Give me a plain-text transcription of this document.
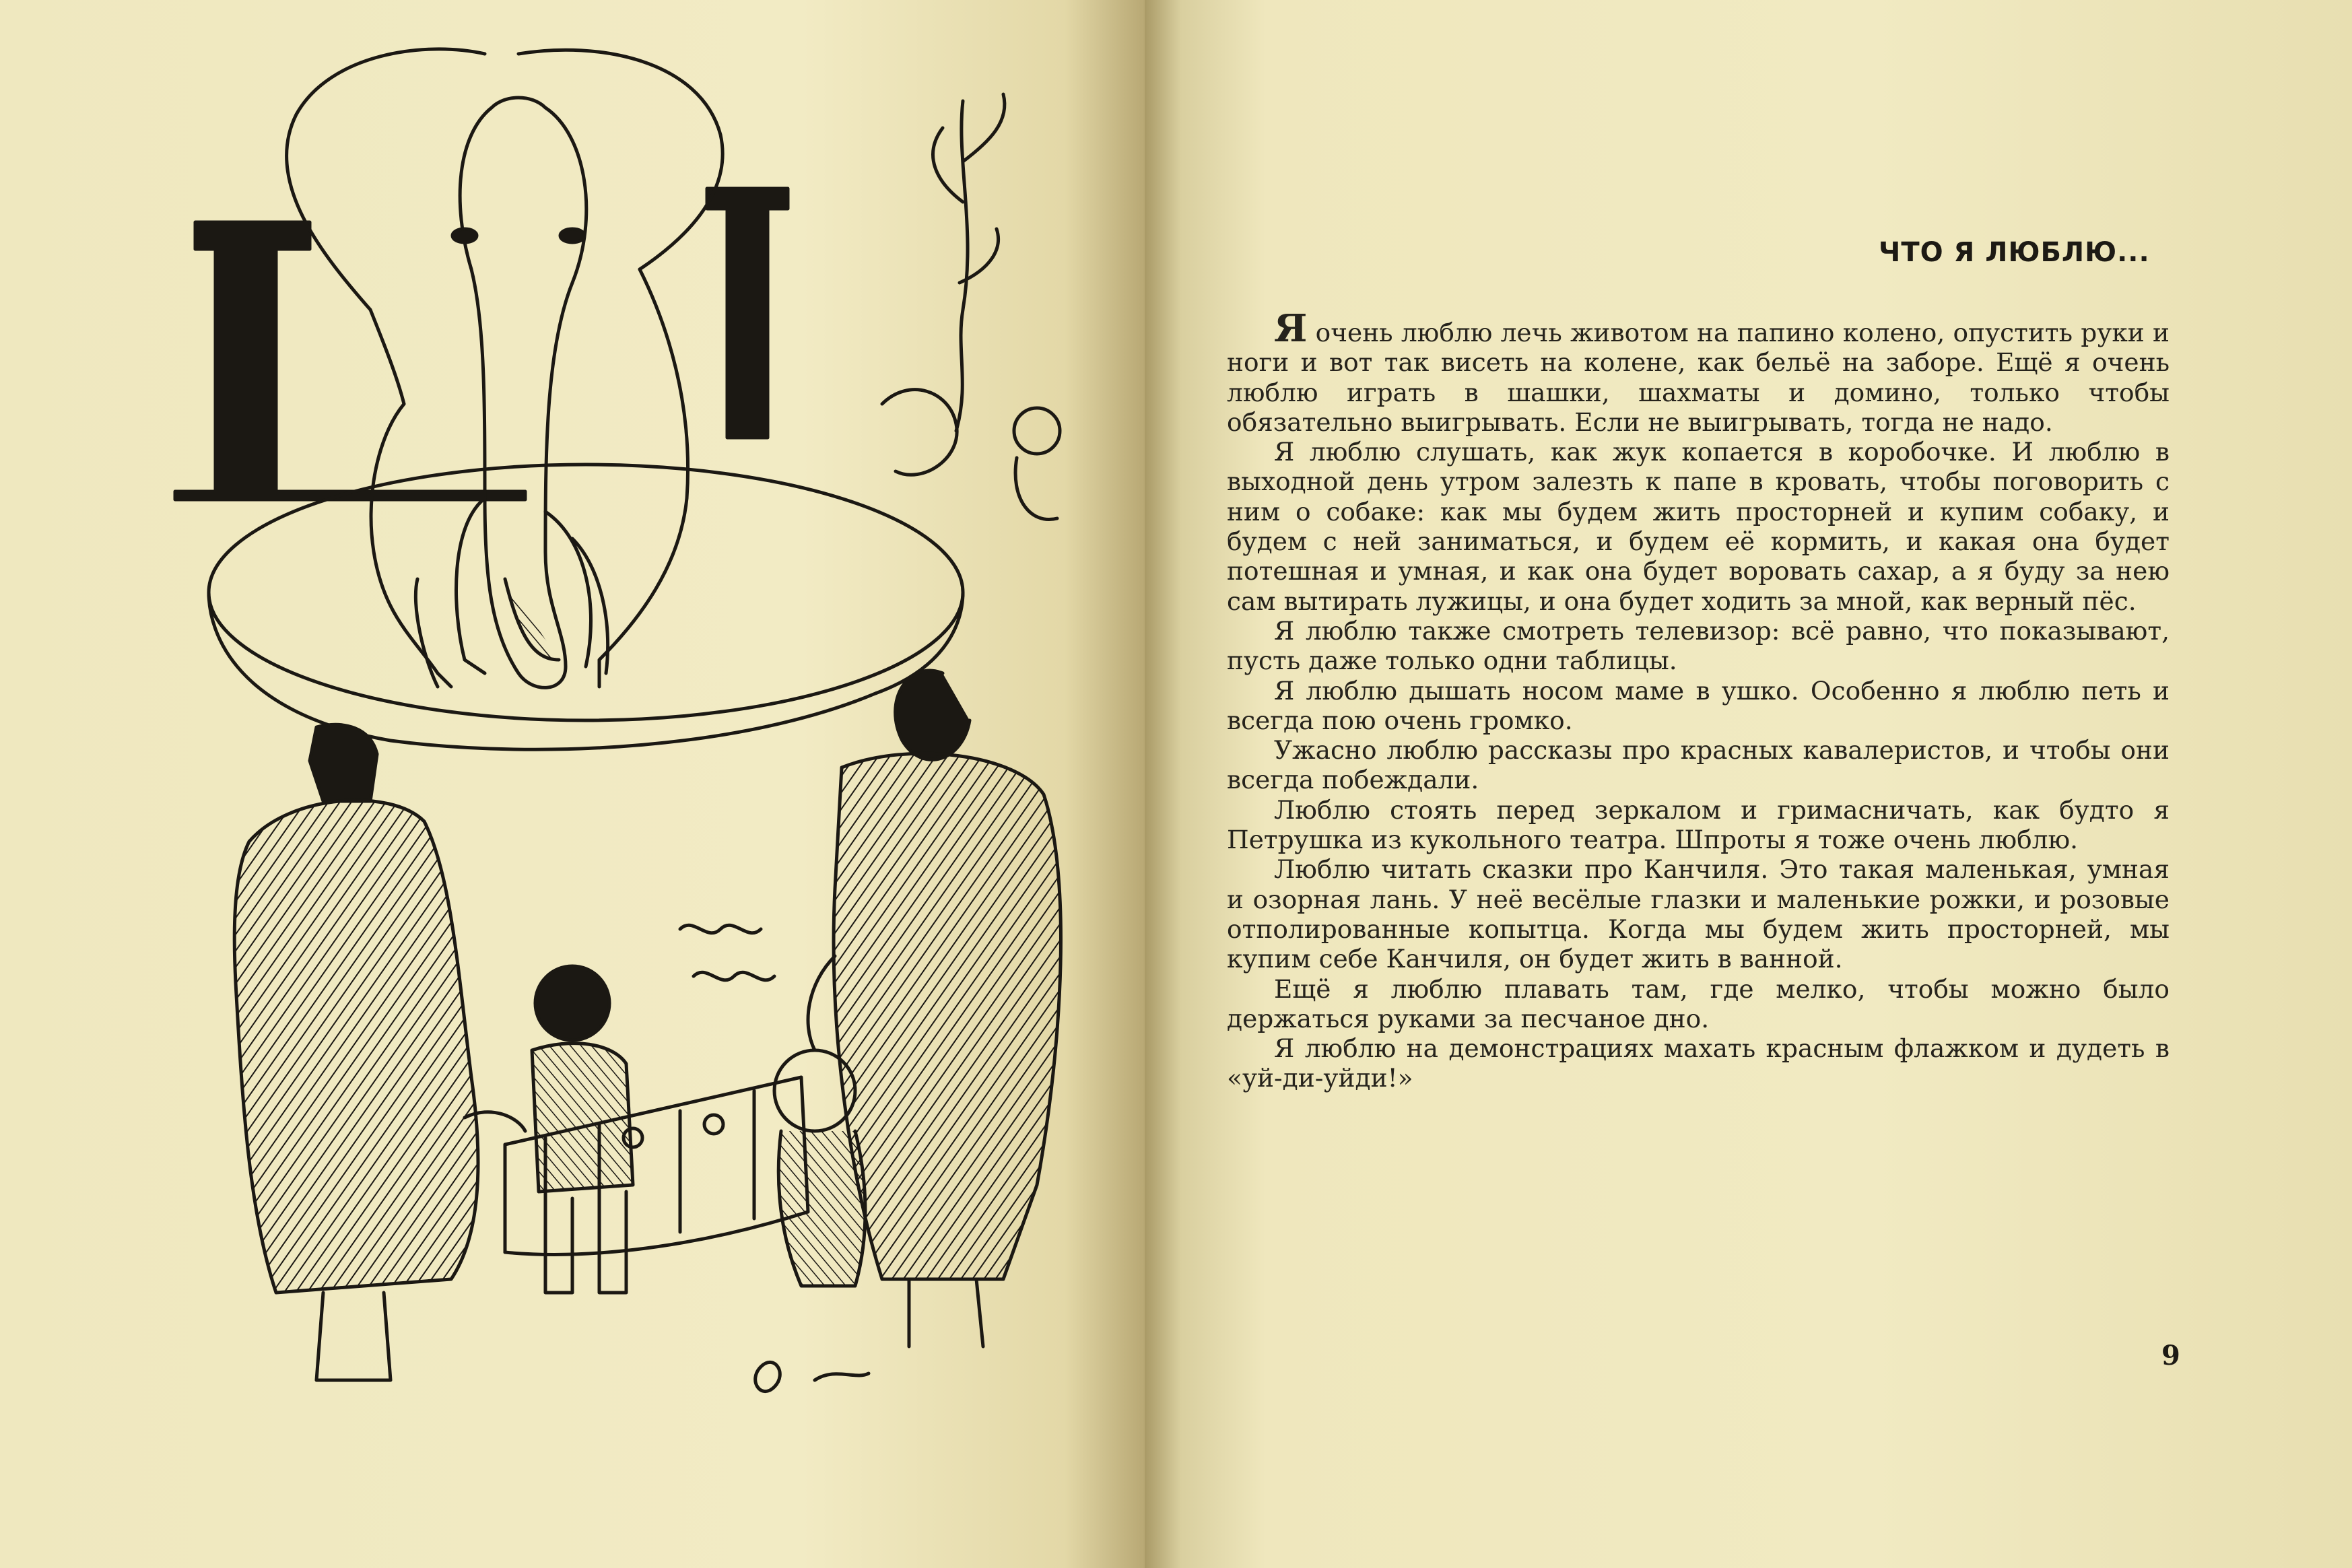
ЧТО Я ЛЮБЛЮ...

Я очень люблю лечь животом на папино колено, опустить руки и ноги и вот так висеть на колене, как бельё на заборе. Ещё я очень люблю играть в шашки, шахматы и домино, только чтобы обязательно выигрывать. Если не выигрывать, тогда не надо.

Я люблю слушать, как жук копается в коробочке. И люблю в выходной день утром залезть к папе в кровать, чтобы поговорить с ним о собаке: как мы будем жить просторней и купим собаку, и будем с ней заниматься, и будем её кормить, и какая она будет потешная и умная, и как она будет воровать сахар, а я буду за нею сам вытирать лужицы, и она будет ходить за мной, как верный пёс.

Я люблю также смотреть телевизор: всё равно, что показывают, пусть даже только одни таблицы.

Я люблю дышать носом маме в ушко. Особенно я люблю петь и всегда пою очень громко.

Ужасно люблю рассказы про красных кавалеристов, и чтобы они всегда побеждали.

Люблю стоять перед зеркалом и гримасничать, как будто я Петрушка из кукольного театра. Шпроты я тоже очень люблю.

Люблю читать сказки про Канчиля. Это такая маленькая, умная и озорная лань. У неё весёлые глазки и маленькие рожки, и розовые отполированные копытца. Когда мы будем жить просторней, мы купим себе Канчиля, он будет жить в ванной.

Ещё я люблю плавать там, где мелко, чтобы можно было держаться руками за песчаное дно.

Я люблю на демонстрациях махать красным флажком и дудеть в «уй-ди-уйди!»

9
